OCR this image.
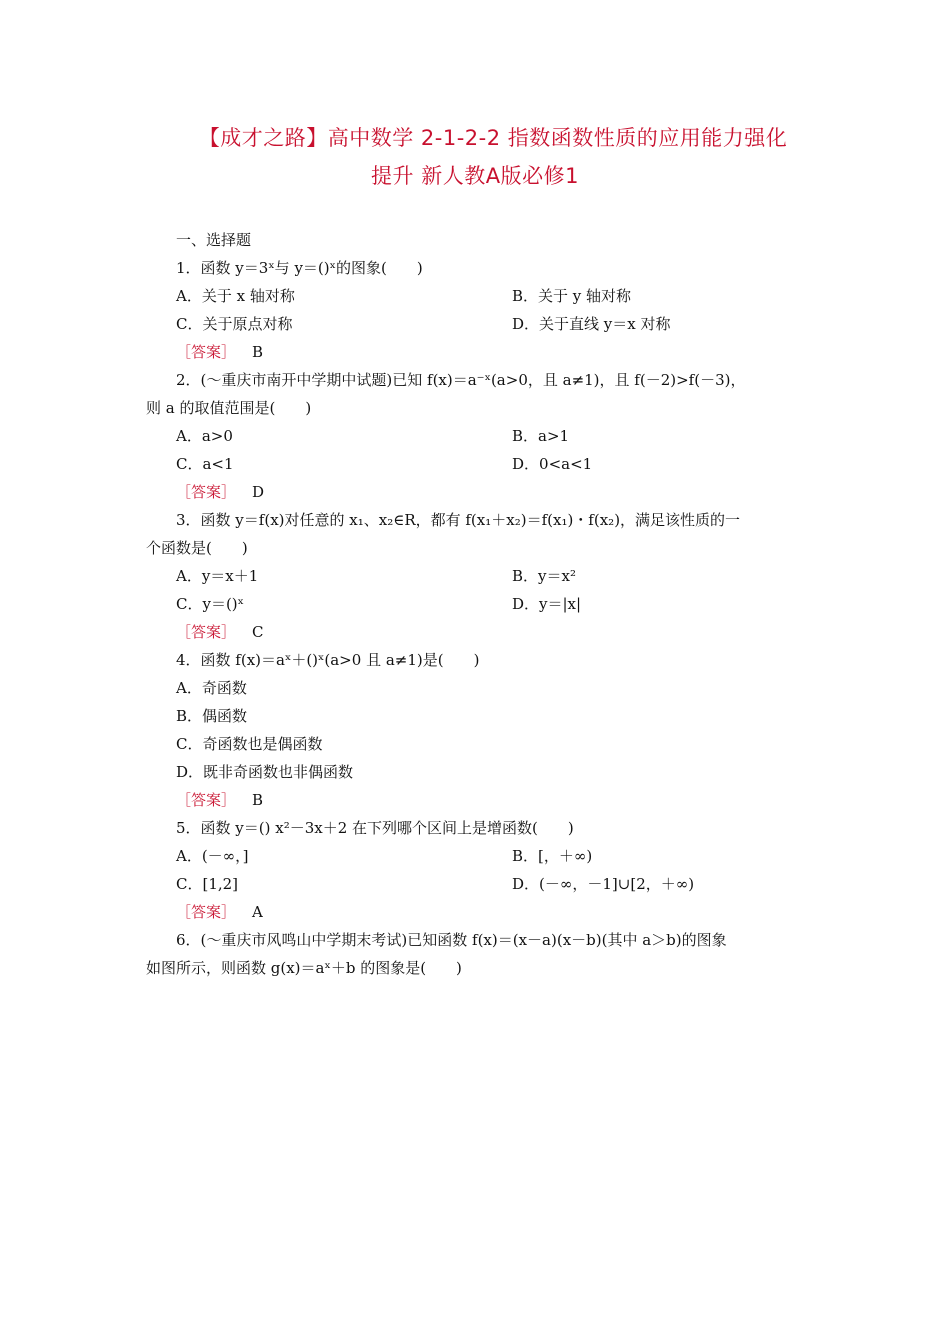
【成才之路】高中数学 2-1-2-2 指数函数性质的应用能力强化
提升 新人教A版必修1
一、选择题
1．函数 y＝3ˣ与 y＝()ˣ的图象(　　)
A．关于 x 轴对称	B．关于 y 轴对称
C．关于原点对称	D．关于直线 y＝x 对称
［答案］ B
2．(～重庆市南开中学期中试题)已知 f(x)＝a⁻ˣ(a>0，且 a≠1)，且 f(－2)>f(－3)，
则 a 的取值范围是(　　)
A．a>0	B．a>1
C．a<1	D．0<a<1
［答案］ D
3．函数 y＝f(x)对任意的 x₁、x₂∈R，都有 f(x₁＋x₂)＝f(x₁)・f(x₂)，满足该性质的一
个函数是(　　)
A．y＝x＋1	B．y＝x²
C．y＝()ˣ	D．y＝|x|
［答案］ C
4．函数 f(x)＝aˣ＋()ˣ(a>0 且 a≠1)是(　　)
A．奇函数
B．偶函数
C．奇函数也是偶函数
D．既非奇函数也非偶函数
［答案］ B
5．函数 y＝() x²－3x＋2 在下列哪个区间上是增函数(　　)
A．(－∞，]	B．[，＋∞)
C．[1,2]	D．(－∞，－1]∪[2，＋∞)
［答案］ A
6．(～重庆市风鸣山中学期末考试)已知函数 f(x)＝(x－a)(x－b)(其中 a＞b)的图象
如图所示，则函数 g(x)＝aˣ＋b 的图象是(　　)
